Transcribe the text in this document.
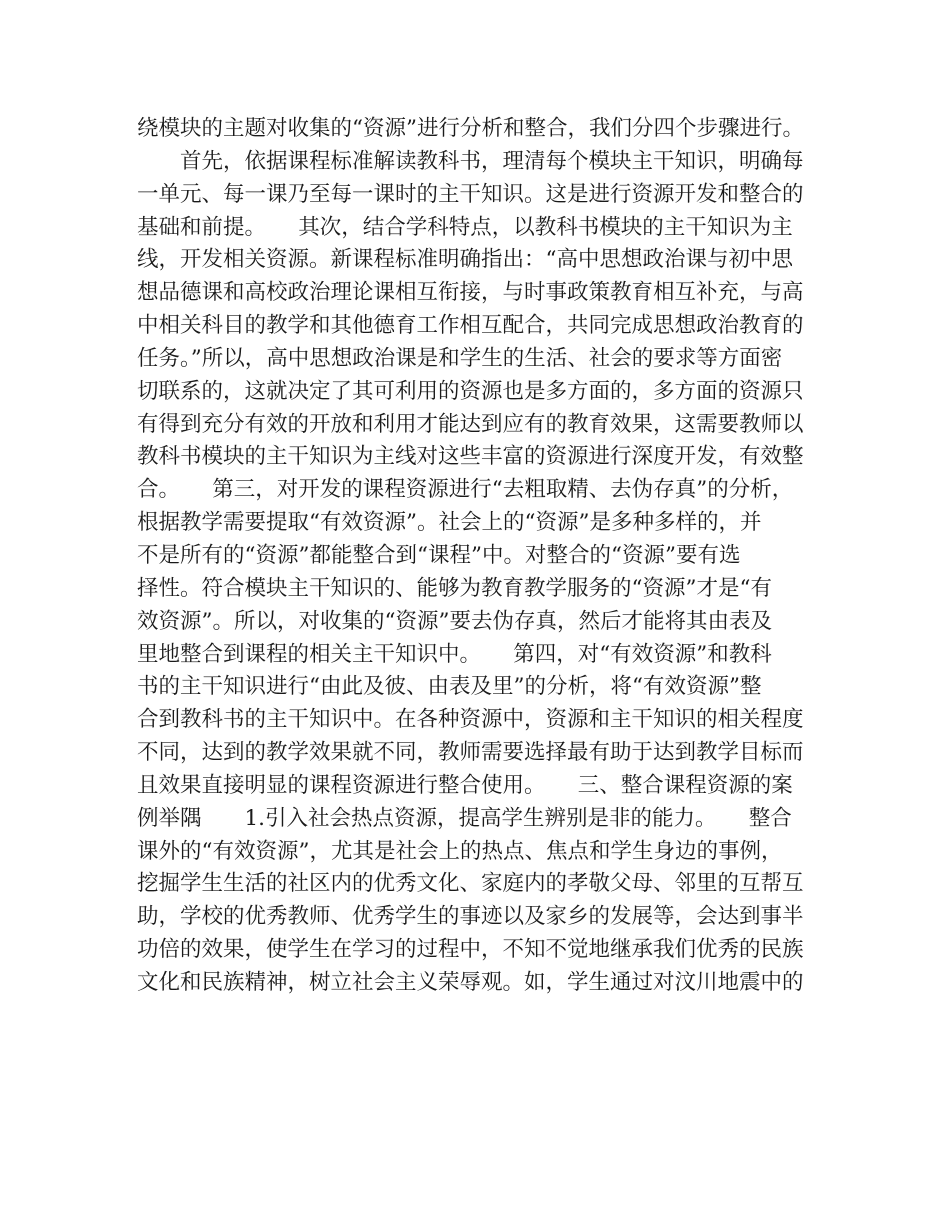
绕模块的主题对收集的“资源”进行分析和整合，我们分四个步骤进行。
　　首先，依据课程标准解读教科书，理清每个模块主干知识，明确每
一单元、每一课乃至每一课时的主干知识。这是进行资源开发和整合的
基础和前提。　　其次，结合学科特点，以教科书模块的主干知识为主
线，开发相关资源。新课程标准明确指出：“高中思想政治课与初中思
想品德课和高校政治理论课相互衔接，与时事政策教育相互补充，与高
中相关科目的教学和其他德育工作相互配合，共同完成思想政治教育的
任务。”所以，高中思想政治课是和学生的生活、社会的要求等方面密
切联系的，这就决定了其可利用的资源也是多方面的，多方面的资源只
有得到充分有效的开放和利用才能达到应有的教育效果，这需要教师以
教科书模块的主干知识为主线对这些丰富的资源进行深度开发，有效整
合。　　第三，对开发的课程资源进行“去粗取精、去伪存真”的分析，
根据教学需要提取“有效资源”。社会上的“资源”是多种多样的，并
不是所有的“资源”都能整合到“课程”中。对整合的“资源”要有选
择性。符合模块主干知识的、能够为教育教学服务的“资源”才是“有
效资源”。所以，对收集的“资源”要去伪存真，然后才能将其由表及
里地整合到课程的相关主干知识中。　　第四，对“有效资源”和教科
书的主干知识进行“由此及彼、由表及里”的分析，将“有效资源”整
合到教科书的主干知识中。在各种资源中，资源和主干知识的相关程度
不同，达到的教学效果就不同，教师需要选择最有助于达到教学目标而
且效果直接明显的课程资源进行整合使用。　　三、整合课程资源的案
例举隅　　1.引入社会热点资源，提高学生辨别是非的能力。　　整合
课外的“有效资源”，尤其是社会上的热点、焦点和学生身边的事例，
挖掘学生生活的社区内的优秀文化、家庭内的孝敬父母、邻里的互帮互
助，学校的优秀教师、优秀学生的事迹以及家乡的发展等，会达到事半
功倍的效果，使学生在学习的过程中，不知不觉地继承我们优秀的民族
文化和民族精神，树立社会主义荣辱观。如，学生通过对汶川地震中的
